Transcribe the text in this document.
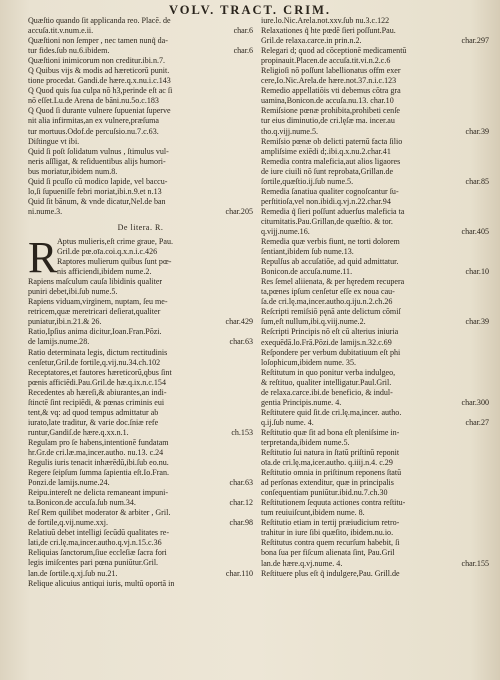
VOLV. TRACT. CRIM.
Quæſtio quando ſit applicanda reo. Placē. de
char.6
accuſa.tit.v.num.e.ii.
Quæſtioni non ſemper , nec tamen nunq̃ da-
char.6
tur fides.ſub nu.6.ibidem.
Quæſtioni inimicorum non creditur.ibi.n.7.
Q Quibus vijs & modis ad hæreticorū punit.
tione procedat. Gandi.de hære.q.x.nu.i.c.143
Q Quod quis ſua culpa nō h3,perinde eſt ac ſi
nō eſſet.Lu.de Arena de bāni.nu.5o.c.183
Q Quod ſi durante vulnere ſupueniat ſuperve
nit alia infirmitas,an ex vulnere,præſuma
tur mortuus.Odof.de percuſsio.nu.7.c.63.
Diſtingue vt ibi.
Quid ſi poſt ſolidatum vulnus , ſtimulus vul-
neris aſſligat, & reſiduentibus alijs humori-
bus moriatur,ibidem num.8.
Quid ſi pcuſſo cū modico lapide, vel baccu-
lo,ſi ſupueniſſe febri moriat,ibi.n.9.et n.13
Quid ſit bānum, & vnde dicatur,Nel.de ban
char.205
ni.nume.3.
De litera. R.
R Aptus mulieris,eſt crime graue, Pau.
Gril.de pœ.oīa.coi.q.x.n.i.c.426
Raptores mulierum quibus ſunt pœ-
nis afficiendi,ibidem nume.2.
Rapiens maſculum cauſa libidinis qualiter
puniri debet,ibi.ſub nume.5.
Rapiens viduam,virginem, nuptam, ſeu me-
retricem,quæ meretricari deſierat,qualiter
char.429
puniatur,ibi.n.21.& 26.
Ratio,Ipſius anima dicitur,Ioan.Fran.Pōzi.
char.63
de lamijs.nume.28.
Ratio determinata legis, dictum rectitudinis
cenſetur,Gril.de fortile,q.vij.nu.34.ch.102
Receptatores,et fautores hæreticorū,qbus ſint
pœnis afficiēdi.Pau.Gril.de hæ.q.ix.n.c.154
Recedentes ab hæreſi,& abiurantes,an indi-
ſtinctē ſint recipiēdi, & pœnas criminis eui
tent,& vq: ad quod tempus admittatur ab
iurato,late traditur, & varie doc.ſniæ refe
ch.153
runtur,Gandiſ.de hære.q.xx.n.1.
Regulam pro ſe habens,intentionē fundatam
hr.Gr.de cri.læ.ma,incer.autho. nu.13. c.24
Regulis iuris tenacit inhærēdū,ibi.ſub eo.nu.
Regere ſeipſum ſumma ſapientia eſt.Io.Fran.
char.63
Ponzi.de lamijs.nume.24.
Reipu.intereſt ne delicta remaneant impuni-
char.12
ta.Bonicon.de accuſa.ſub num.34.
Reſ Rem quilibet moderator & arbiter , Gril.
char.98
de fortile,q.vij.nume.xxj.
Relatiuū debet intelligi ſecūdū qualitates re-
lati,de cri.lę.ma,incer.autho.q.vj.n.15.c.36
Reliquias ſanctorum,ſiue eccleſiæ ſacra fori
legis imiſcentes pari pœna puniūtur.Gril.
char.110
lan.de ſortile.q.xj.ſub nu.21.
Relique alicuius antiqui iuris, multū oportā in
iure.lo.Nic.Arela.not.xxv.ſub nu.3.c.122
Relaxationes q̃ hte pœdē ſieri poſſunt.Pau.
char.297
Gril.de relaxa.carce.in prin.n.2.
Relegari d; quod ad cōceptionē medicamentū
propinauit.Placen.de accuſa.tit.vi.n.2.c.6
Religioſi nō poſſunt labellionatus offm exer
cere,Io.Nic.Arela.de hære.not.37.n.i.c.123
Remedio appellatiōis vti debemus cōtra gra
uamina,Bonicon.de accuſa.nu.13. char.10
Remiſsione pœnæ prohibita,prohibeti cenſe
tur eius diminutio,de cri.lęſæ ma. incer.au
char.39
tho.q.vijj.nume.5.
Remiſsio pœnæ ob delicti paternū facta ſilio
ampliſsime exiēdi d;.ibi.q.x.nu.2.char.41
Remedia contra maleficia,aut alios ligaores
de iure ciuili nō ſunt reprobata,Grillan.de
char.85
ſortile,quæſtio.ij.ſub nume.5.
Remedia ſanatiua qualiter cognoſcantur ſu-
perſtitioſa,vel non.ibidi.q.vj.n.22.char.94
Remedia q̃ ſieri poſſunt aduerſus maleficia ta
citurnitatis.Pau.Grillan,de quæſtio. & tor.
char.405
q.vijj.nume.16.
Remedia quæ verbis fiunt, ne torti dolorem
ſentiant,ibidem ſub nume.13.
Repulſus ab accuſatiōe, ad quid admittatur.
char.10
Bonicon.de accuſa.nume.11.
Res ſemel aliienata, & per hęredem recupera
ta,pœnes ipſum cenſetur eſſe ex noua cau-
ſa.de cri.lę.ma,incer.autho.q.iju.n.2.ch.26
Reſcripti remiſsiō pęnā ante delictum cōmiſ
char.39
ſum,eſt nullum,ibi.q.viij.nume.2.
Reſcripti Principis nō eſt cū alterius iniuria
exequēdā.lo.Frā.Pōzi.de lamijs.n.32.c.69
Reſpondere per verbum dubitatiuum eſt phi
loſophicum,ibidem nume. 35.
Reſtitutum in quo ponitur verba indulgeo,
& reſtituo, qualiter intelligatur.Paul.Gril.
de relaxa.carce.ibi.de beneficio, & indul-
char.300
gentia Principis.nume. 4.
Reſtitutere quid ſit.de cri.lę.ma,incer. autho.
char.27
q.ij.ſub nume. 4.
Reſtitutio quæ ſit ad bona eſt pleniſsime in-
terpretanda,ibidem nume.5.
Reſtitutio ſui natura in ſtatū priſtinū reponit
oīa.de cri.lę.ma,icer.autho. q.iiij.n.4. c.29
Reſtitutio omnia in priſtinum reponens ſtatū
ad perſonas extenditur, quæ in principalis
conſequentiam puniūtur.ibid.nu.7.ch.30
Reſtitutionem ſequuta actiones contra reſtitu-
tum reuiuiſcunt,ibidem nume. 8.
Reſtitutio etiam in tertij præiudicium retro-
trahitur in iure ſibi quæſito, ibidem.nu.io.
Reſtitutus contra quem recurſum habebit, ſi
bona ſua per fiſcum alienata ſint, Pau.Gril
char.155
lan.de hære.q.vj.nume. 4.
Reſtituere plus eſt q̃ indulgere,Pau. Grill.de
